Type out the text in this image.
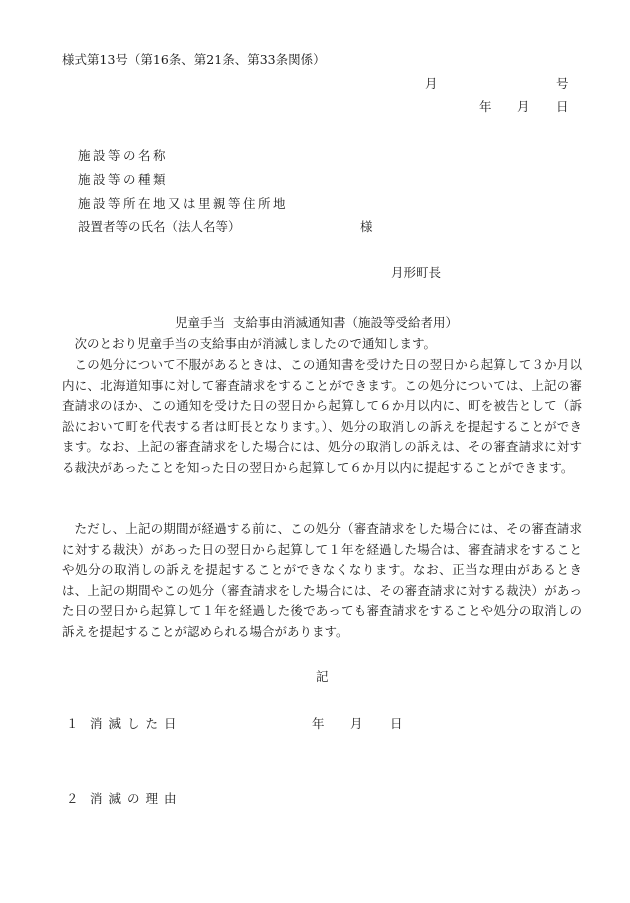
様式第13号（第16条、第21条、第33条関係）
月	号
年 月 日
施設等の名称
施設等の種類
施設等所在地又は里親等住所地
設置者等の氏名（法人名等）	様
月形町長
児童手当  支給事由消滅通知書（施設等受給者用）

次のとおり児童手当の支給事由が消滅しましたので通知します。

この処分について不服があるときは、この通知書を受けた日の翌日から起算して３か月以内に、北海道知事に対して審査請求をすることができます。この処分については、上記の審査請求のほか、この通知を受けた日の翌日から起算して６か月以内に、町を被告として（訴訟において町を代表する者は町長となります。）、処分の取消しの訴えを提起することができます。なお、上記の審査請求をした場合には、処分の取消しの訴えは、その審査請求に対する裁決があったことを知った日の翌日から起算して６か月以内に提起することができます。

ただし、上記の期間が経過する前に、この処分（審査請求をした場合には、その審査請求に対する裁決）があった日の翌日から起算して１年を経過した場合は、審査請求をすることや処分の取消しの訴えを提起することができなくなります。なお、正当な理由があるときは、上記の期間やこの処分（審査請求をした場合には、その審査請求に対する裁決）があった日の翌日から起算して１年を経過した後であっても審査請求をすることや処分の取消しの訴えを提起することが認められる場合があります。

記
１ 消滅した日	年 月 日
２ 消滅の理由
